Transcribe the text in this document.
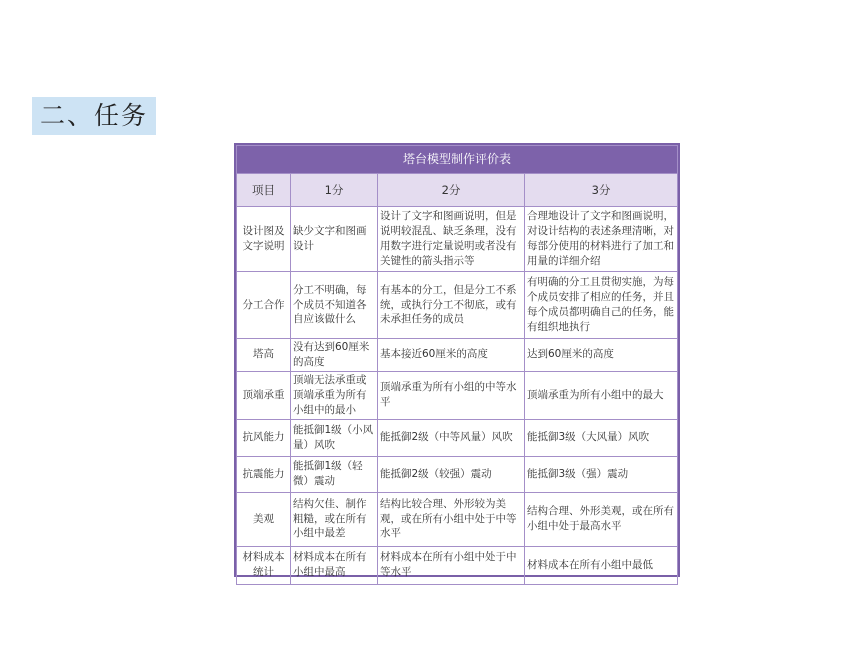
二、任务
塔台模型制作评价表			
项目	1分	2分	3分
设计图及文字说明	缺少文字和图画设计	设计了文字和图画说明，但是说明较混乱、缺乏条理，没有用数字进行定量说明或者没有关键性的箭头指示等	合理地设计了文字和图画说明，对设计结构的表述条理清晰，对每部分使用的材料进行了加工和用量的详细介绍
分工合作	分工不明确，每个成员不知道各自应该做什么	有基本的分工，但是分工不系统，或执行分工不彻底，或有未承担任务的成员	有明确的分工且贯彻实施，为每个成员安排了相应的任务，并且每个成员都明确自己的任务，能有组织地执行
塔高	没有达到60厘米的高度	基本接近60厘米的高度	达到60厘米的高度
顶端承重	顶端无法承重或顶端承重为所有小组中的最小	顶端承重为所有小组的中等水平	顶端承重为所有小组中的最大
抗风能力	能抵御1级（小风量）风吹	能抵御2级（中等风量）风吹	能抵御3级（大风量）风吹
抗震能力	能抵御1级（轻微）震动	能抵御2级（较强）震动	能抵御3级（强）震动
美观	结构欠佳、制作粗糙，或在所有小组中最差	结构比较合理、外形较为美观，或在所有小组中处于中等水平	结构合理、外形美观，或在所有小组中处于最高水平
材料成本统计	材料成本在所有小组中最高	材料成本在所有小组中处于中等水平	材料成本在所有小组中最低
